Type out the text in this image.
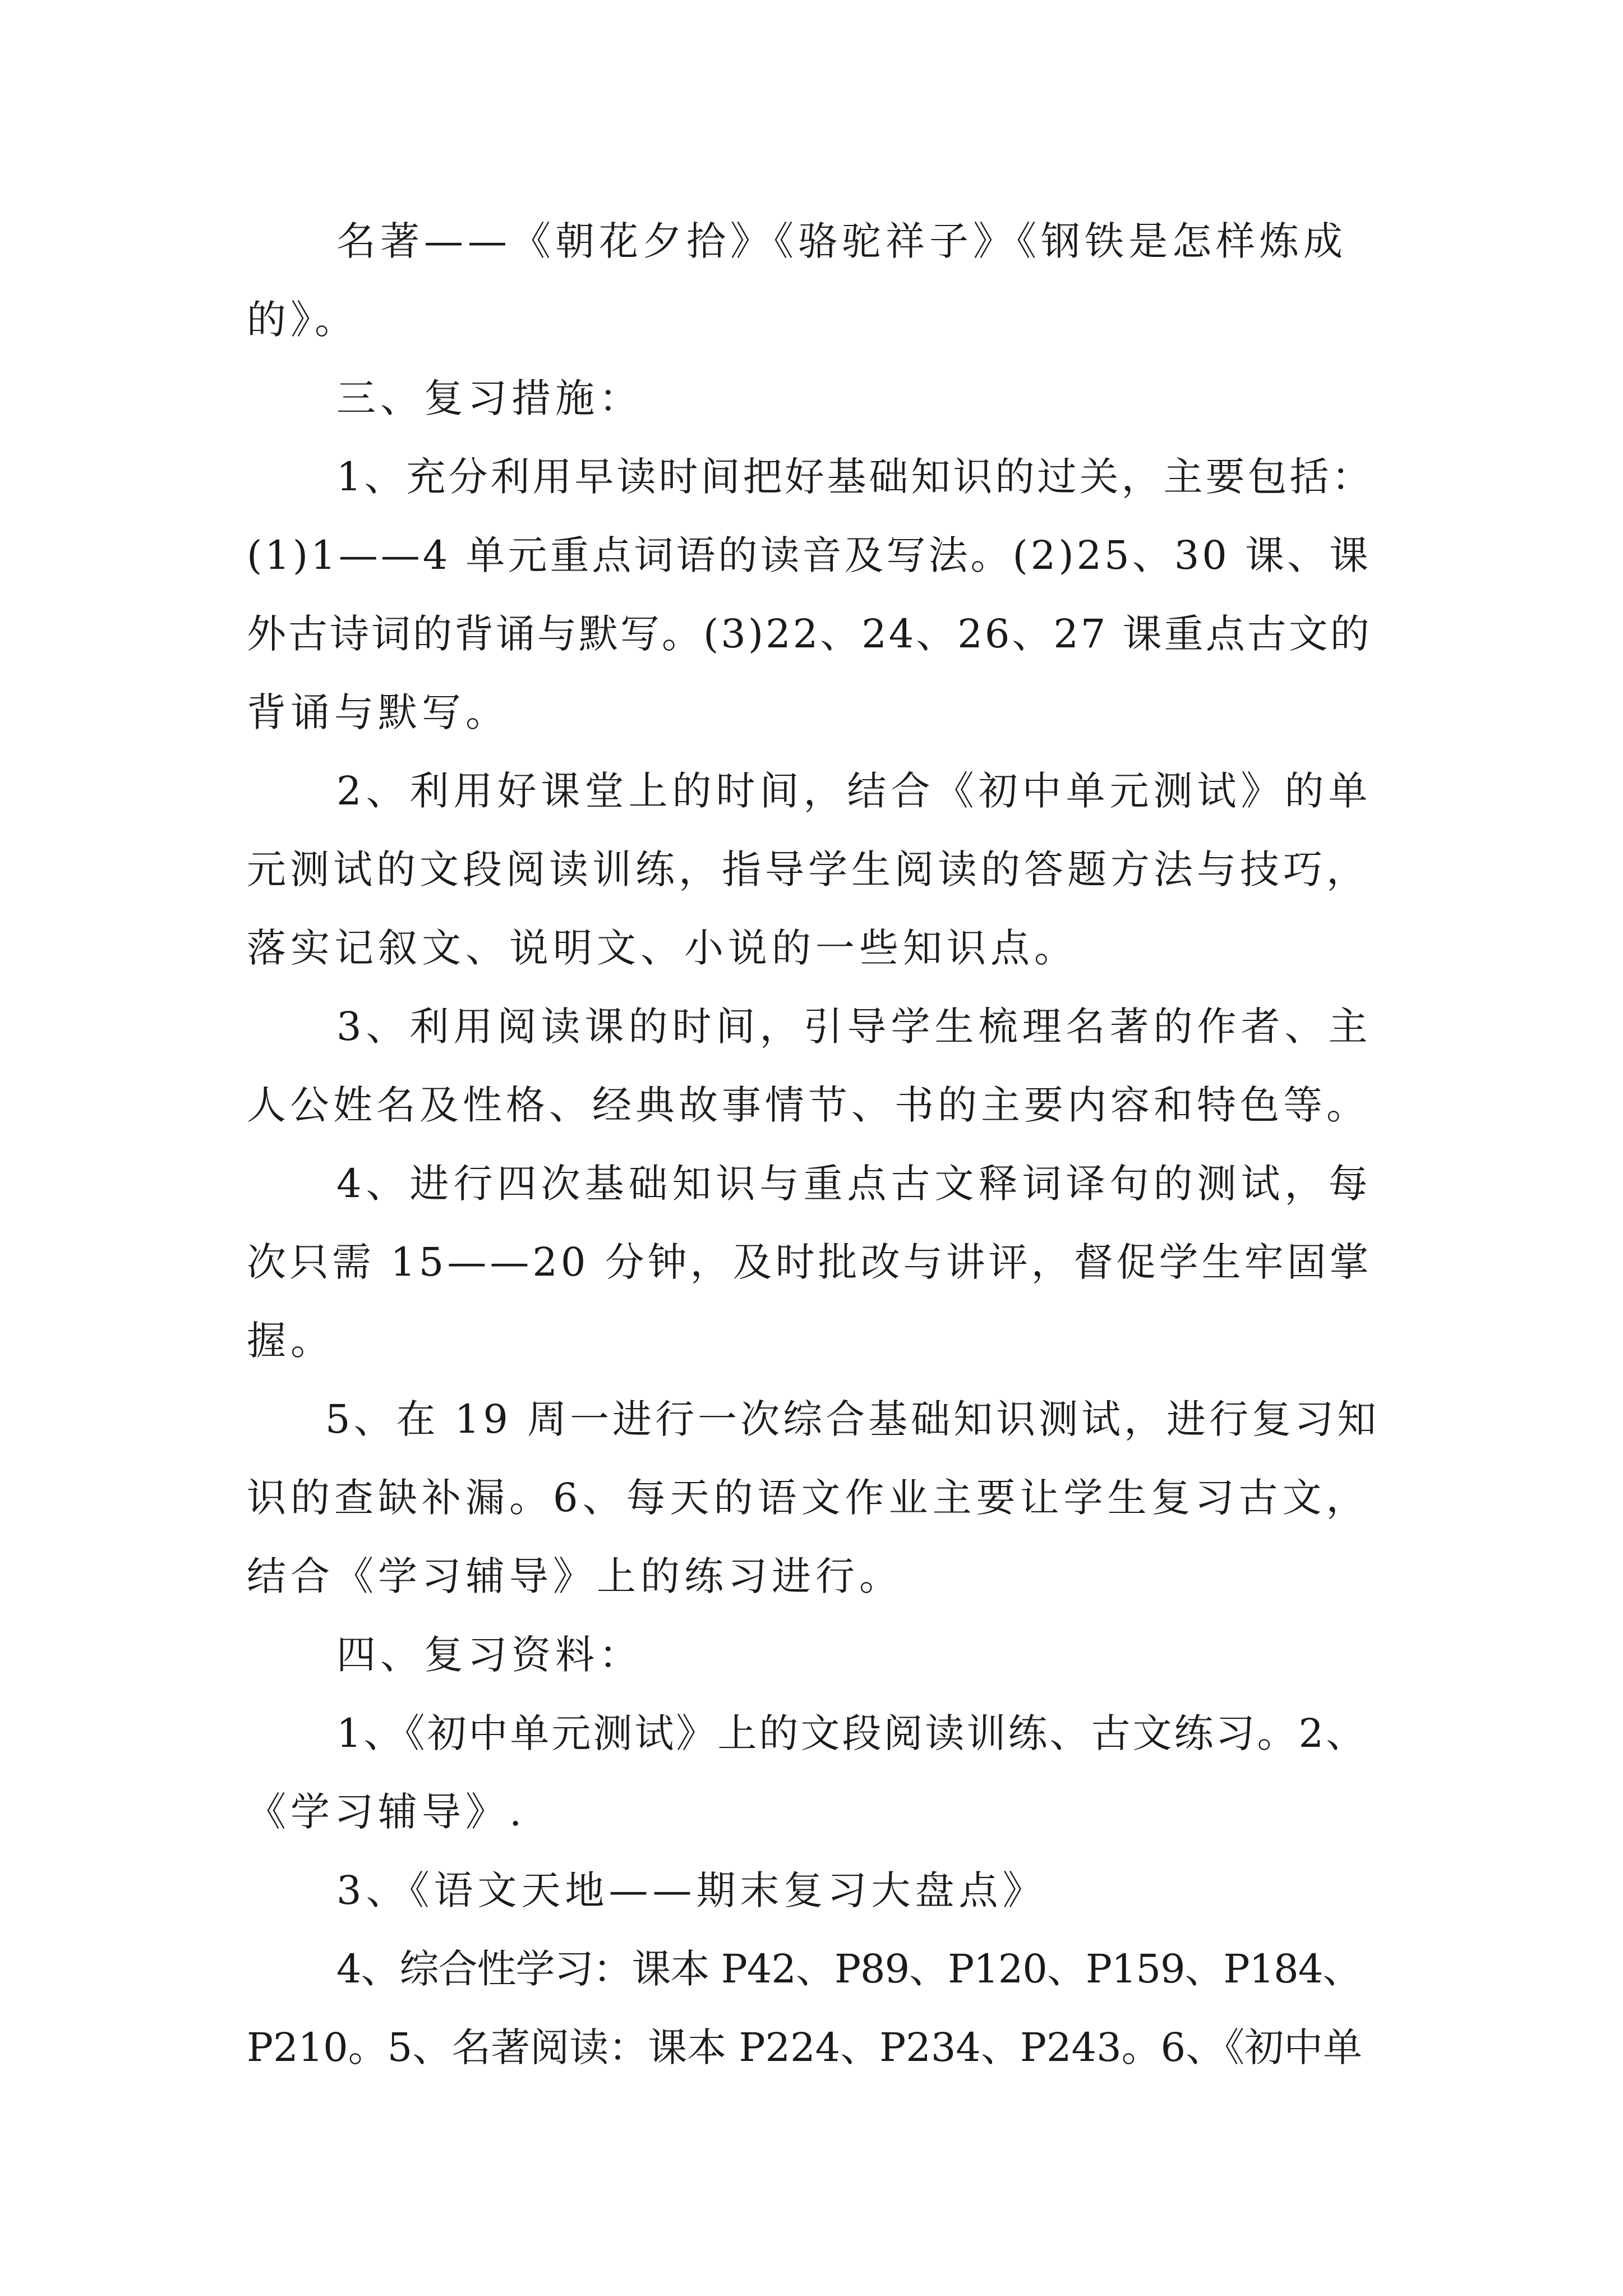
名著——《朝花夕拾》《骆驼祥子》《钢铁是怎样炼成
的》。
三、复习措施：
1、充分利用早读时间把好基础知识的过关，主要包括：
(1)1——4 单元重点词语的读音及写法。(2)25、30 课、课
外古诗词的背诵与默写。(3)22、24、26、27 课重点古文的
背诵与默写。
2、利用好课堂上的时间，结合《初中单元测试》的单
元测试的文段阅读训练，指导学生阅读的答题方法与技巧，
落实记叙文、说明文、小说的一些知识点。
3、利用阅读课的时间，引导学生梳理名著的作者、主
人公姓名及性格、经典故事情节、书的主要内容和特色等。
4、进行四次基础知识与重点古文释词译句的测试，每
次只需 15——20 分钟，及时批改与讲评，督促学生牢固掌
握。
5、在 19 周一进行一次综合基础知识测试，进行复习知
识的查缺补漏。6、每天的语文作业主要让学生复习古文，
结合《学习辅导》上的练习进行。
四、复习资料：
1、《初中单元测试》上的文段阅读训练、古文练习。2、
《学习辅导》.
3、《语文天地——期末复习大盘点》
4、综合性学习：课本 P42、P89、P120、P159、P184、
P210。5、名著阅读：课本 P224、P234、P243。6、《初中单
